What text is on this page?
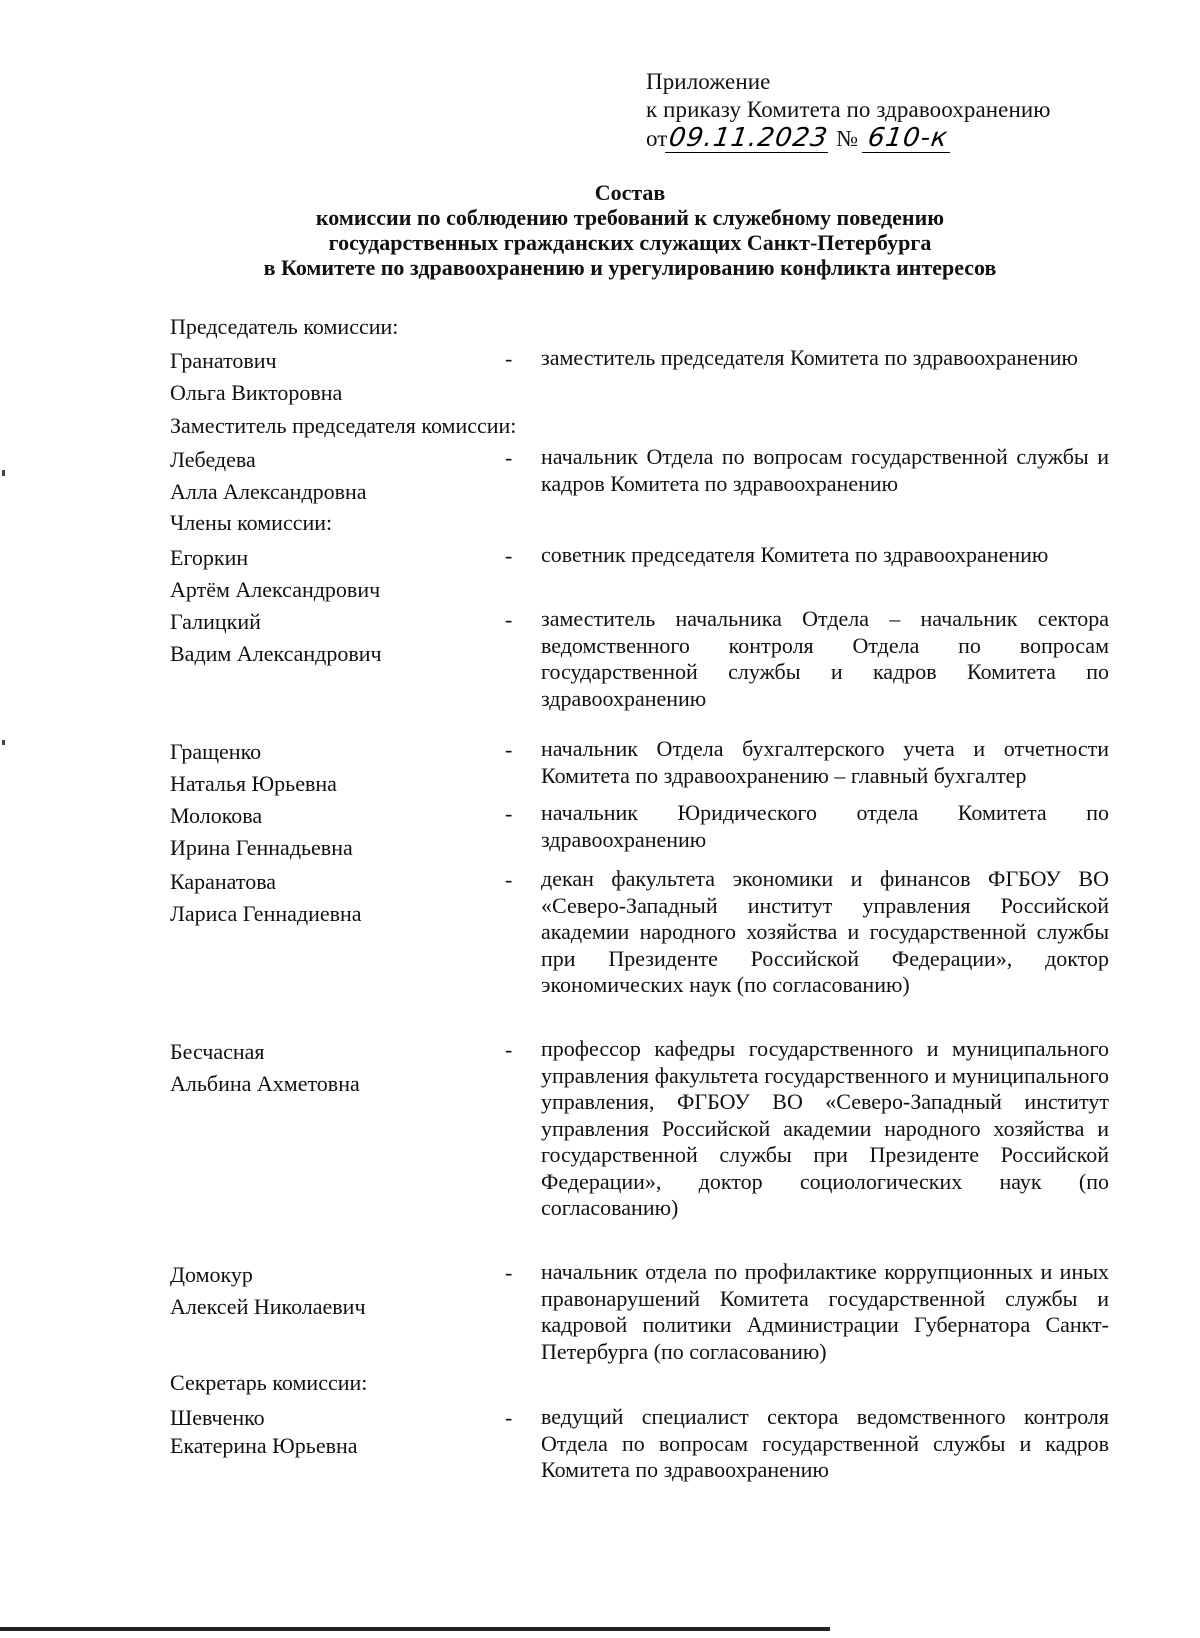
Приложение
к приказу Комитета по здравоохранению
от09.11.2023 № 610-к
Состав
комиссии по соблюдению требований к служебному поведению
государственных гражданских служащих Санкт-Петербурга
в Комитете по здравоохранению и урегулированию конфликта интересов
Председатель комиссии:
Гранатович
Ольга Викторовна
- заместитель председателя Комитета по здравоохранению
Заместитель председателя комиссии:
Лебедева
Алла Александровна
- начальник Отдела по вопросам государственной службы и кадров Комитета по здравоохранению
Члены комиссии:
Егоркин
Артём Александрович
- советник председателя Комитета по здравоохранению
Галицкий
Вадим Александрович
- заместитель начальника Отдела – начальник сектора ведомственного контроля Отдела по вопросам государственной службы и кадров Комитета по здравоохранению
Гращенко
Наталья Юрьевна
- начальник Отдела бухгалтерского учета и отчетности Комитета по здравоохранению – главный бухгалтер
Молокова
Ирина Геннадьевна
- начальник Юридического отдела Комитета по здравоохранению
Каранатова
Лариса Геннадиевна
- декан факультета экономики и финансов ФГБОУ ВО «Северо-Западный институт управления Российской академии народного хозяйства и государственной службы при Президенте Российской Федерации», доктор экономических наук (по согласованию)
Бесчасная
Альбина Ахметовна
- профессор кафедры государственного и муниципального управления факультета государственного и муниципального управления, ФГБОУ ВО «Северо-Западный институт управления Российской академии народного хозяйства и государственной службы при Президенте Российской Федерации», доктор социологических наук (по согласованию)
Домокур
Алексей Николаевич
- начальник отдела по профилактике коррупционных и иных правонарушений Комитета государственной службы и кадровой политики Администрации Губернатора Санкт-Петербурга (по согласованию)
Секретарь комиссии:
Шевченко
Екатерина Юрьевна
- ведущий специалист сектора ведомственного контроля Отдела по вопросам государственной службы и кадров Комитета по здравоохранению
